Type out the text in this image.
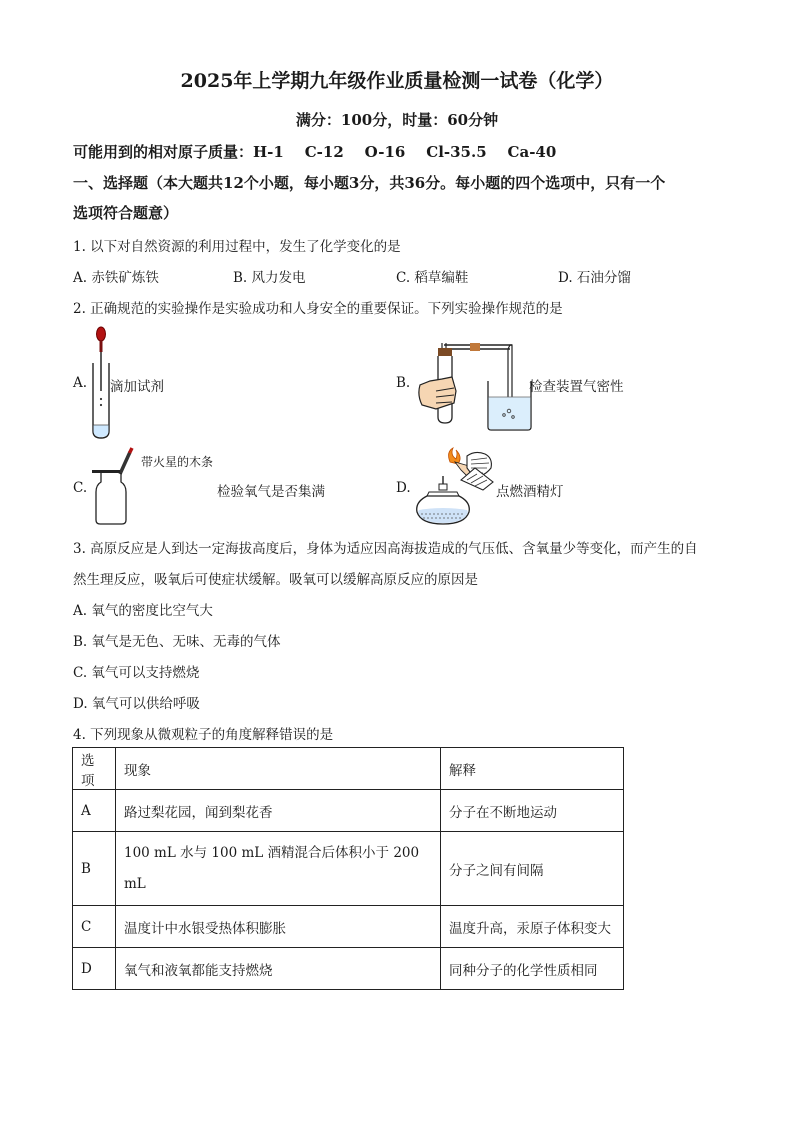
2025年上学期九年级作业质量检测一试卷（化学）
满分：100分，时量：60分钟
可能用到的相对原子质量：H-1    C-12    O-16    Cl-35.5    Ca-40
一、选择题（本大题共12个小题，每小题3分，共36分。每小题的四个选项中，只有一个
选项符合题意）
1. 以下对自然资源的利用过程中，发生了化学变化的是
A. 赤铁矿炼铁	B. 风力发电	C. 稻草编鞋	D. 石油分馏
2. 正确规范的实验操作是实验成功和人身安全的重要保证。下列实验操作规范的是
A. 滴加试剂	B.	检查装置气密性
C.
带火星的木条
检验氧气是否集满	D.	点燃酒精灯
3. 高原反应是人到达一定海拔高度后，身体为适应因高海拔造成的气压低、含氧量少等变化，而产生的自
然生理反应，吸氧后可使症状缓解。吸氧可以缓解高原反应的原因是
A. 氧气的密度比空气大
B. 氧气是无色、无味、无毒的气体
C. 氧气可以支持燃烧
D. 氧气可以供给呼吸
4. 下列现象从微观粒子的角度解释错误的是
选项	现象	解释
A	路过梨花园，闻到梨花香	分子在不断地运动
B	100 mL 水与 100 mL 酒精混合后体积小于 200 mL	分子之间有间隔
C	温度计中水银受热体积膨胀	温度升高，汞原子体积变大
D	氧气和液氧都能支持燃烧	同种分子的化学性质相同
